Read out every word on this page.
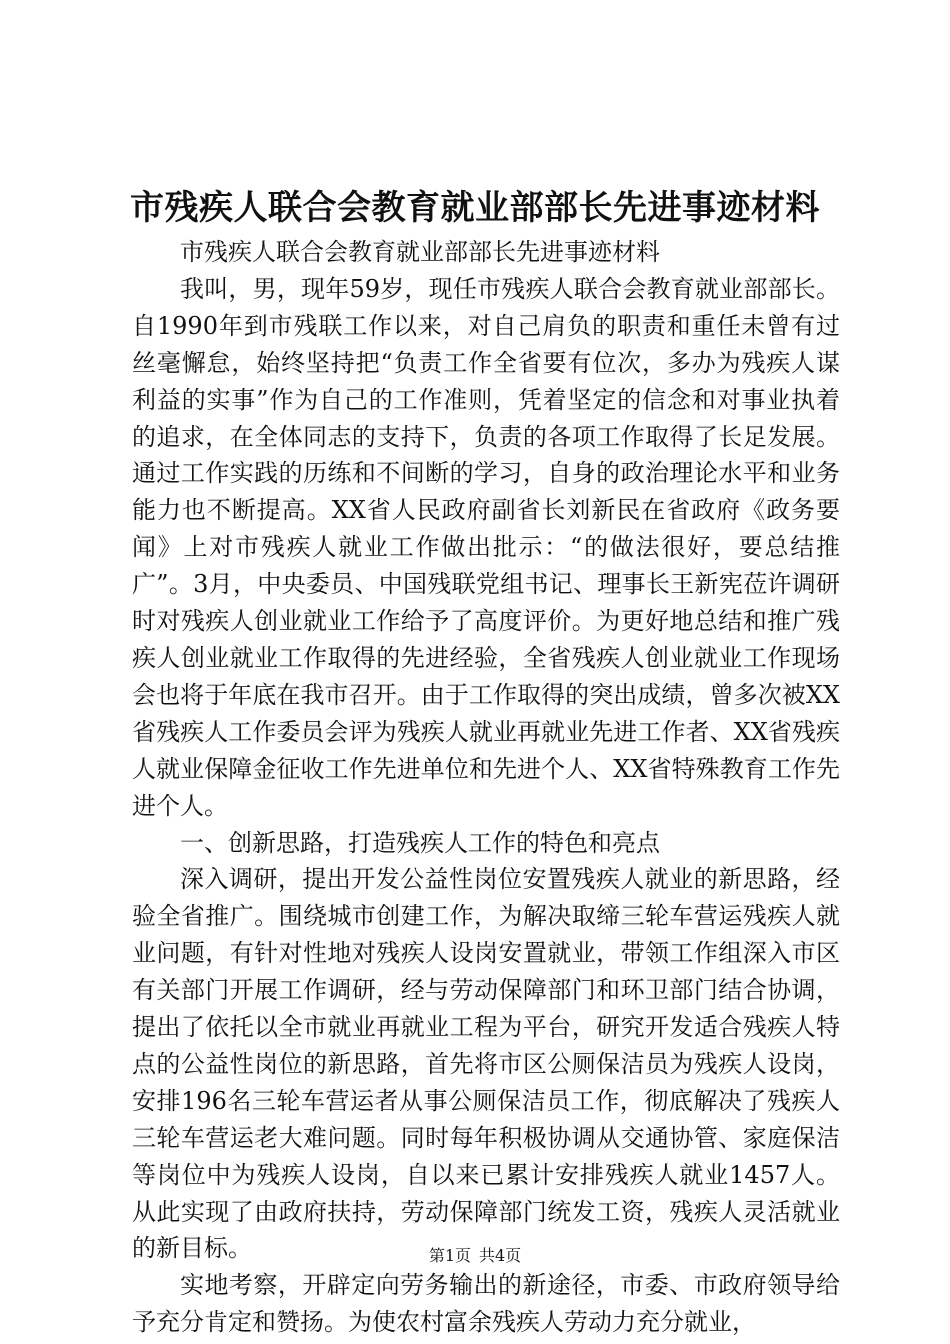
市残疾人联合会教育就业部部长先进事迹材料

市残疾人联合会教育就业部部长先进事迹材料

我叫，男，现年59岁，现任市残疾人联合会教育就业部部长。自1990年到市残联工作以来，对自己肩负的职责和重任未曾有过丝毫懈怠，始终坚持把“负责工作全省要有位次，多办为残疾人谋利益的实事”作为自己的工作准则，凭着坚定的信念和对事业执着的追求，在全体同志的支持下，负责的各项工作取得了长足发展。通过工作实践的历练和不间断的学习，自身的政治理论水平和业务能力也不断提高。XX省人民政府副省长刘新民在省政府《政务要闻》上对市残疾人就业工作做出批示：“的做法很好，要总结推广”。3月，中央委员、中国残联党组书记、理事长王新宪莅许调研时对残疾人创业就业工作给予了高度评价。为更好地总结和推广残疾人创业就业工作取得的先进经验，全省残疾人创业就业工作现场会也将于年底在我市召开。由于工作取得的突出成绩，曾多次被XX省残疾人工作委员会评为残疾人就业再就业先进工作者、XX省残疾人就业保障金征收工作先进单位和先进个人、XX省特殊教育工作先进个人。

一、创新思路，打造残疾人工作的特色和亮点

深入调研，提出开发公益性岗位安置残疾人就业的新思路，经验全省推广。围绕城市创建工作，为解决取缔三轮车营运残疾人就业问题，有针对性地对残疾人设岗安置就业，带领工作组深入市区有关部门开展工作调研，经与劳动保障部门和环卫部门结合协调，提出了依托以全市就业再就业工程为平台，研究开发适合残疾人特点的公益性岗位的新思路，首先将市区公厕保洁员为残疾人设岗，安排196名三轮车营运者从事公厕保洁员工作，彻底解决了残疾人三轮车营运老大难问题。同时每年积极协调从交通协管、家庭保洁等岗位中为残疾人设岗，自以来已累计安排残疾人就业1457人。从此实现了由政府扶持，劳动保障部门统发工资，残疾人灵活就业的新目标。

实地考察，开辟定向劳务输出的新途径，市委、市政府领导给予充分肯定和赞扬。为使农村富余残疾人劳动力充分就业，

第1页 共4页
